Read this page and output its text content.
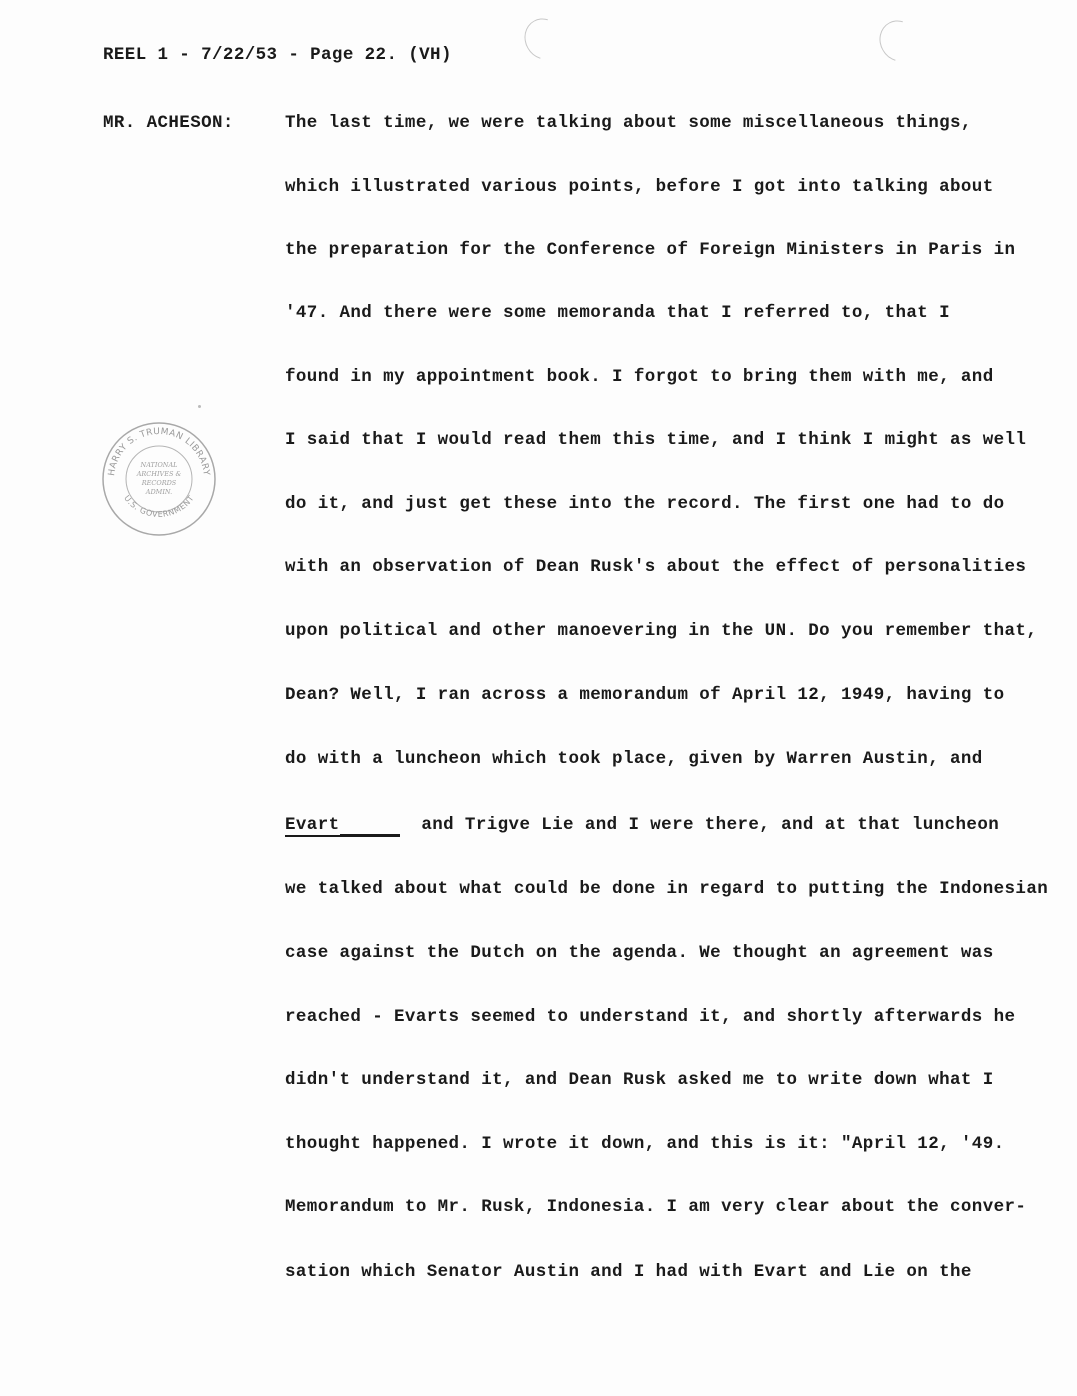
REEL 1 - 7/22/53 - Page 22. (VH)
MR. ACHESON:	The last time, we were talking about some miscellaneous things,
which illustrated various points, before I got into talking about
the preparation for the Conference of Foreign Ministers in Paris in
'47. And there were some memoranda that I referred to, that I
found in my appointment book. I forgot to bring them with me, and
I said that I would read them this time, and I think I might as well
do it, and just get these into the record. The first one had to do
with an observation of Dean Rusk's about the effect of personalities
upon political and other manoevering in the UN. Do you remember that,
Dean? Well, I ran across a memorandum of April 12, 1949, having to
do with a luncheon which took place, given by Warren Austin, and
Evart	and Trigve Lie and I were there, and at that luncheon
we talked about what could be done in regard to putting the Indonesian
case against the Dutch on the agenda. We thought an agreement was
reached - Evarts seemed to understand it, and shortly afterwards he
didn't understand it, and Dean Rusk asked me to write down what I
thought happened. I wrote it down, and this is it: "April 12, '49.
Memorandum to Mr. Rusk, Indonesia. I am very clear about the conver-
sation which Senator Austin and I had with Evart and Lie on the
HARRY S. TRUMAN LIBRARY
U.S. GOVERNMENT
NATIONAL
ARCHIVES &
RECORDS
ADMIN.
